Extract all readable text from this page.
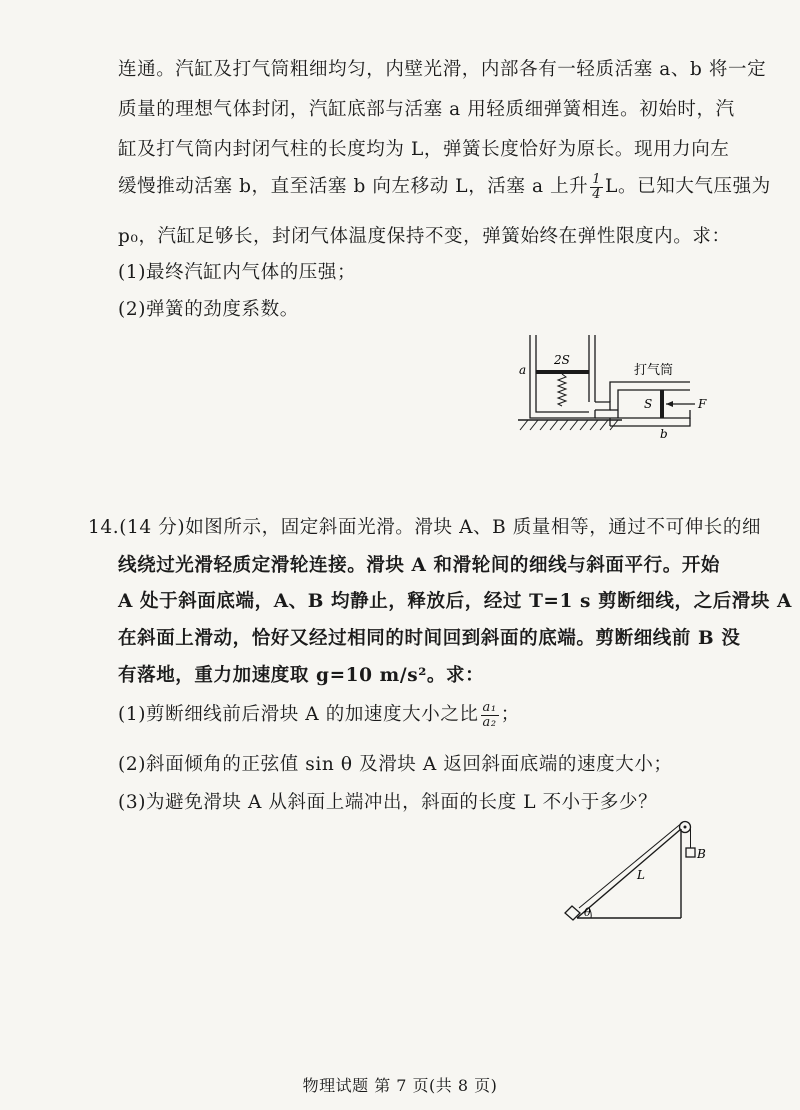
连通。汽缸及打气筒粗细均匀，内壁光滑，内部各有一轻质活塞 a、b 将一定
质量的理想气体封闭，汽缸底部与活塞 a 用轻质细弹簧相连。初始时，汽
缸及打气筒内封闭气柱的长度均为 L，弹簧长度恰好为原长。现用力向左
缓慢推动活塞 b，直至活塞 b 向左移动 L，活塞 a 上升 $\frac{1}{4}$ L。已知大气压强为
p₀，汽缸足够长，封闭气体温度保持不变，弹簧始终在弹性限度内。求：
(1)最终汽缸内气体的压强；
(2)弹簧的劲度系数。
2S
a	打气筒
S	F
b
14.(14 分)如图所示，固定斜面光滑。滑块 A、B 质量相等，通过不可伸长的细
线绕过光滑轻质定滑轮连接。滑块 A 和滑轮间的细线与斜面平行。开始
A 处于斜面底端，A、B 均静止，释放后，经过 T=1 s 剪断细线，之后滑块 A
在斜面上滑动，恰好又经过相同的时间回到斜面的底端。剪断细线前 B 没
有落地，重力加速度取 g=10 m/s²。求：
(1)剪断细线前后滑块 A 的加速度大小之比 $\frac{\text{a₁}}{\text{a₂}}$ ；
(2)斜面倾角的正弦值 sin θ 及滑块 A 返回斜面底端的速度大小；
(3)为避免滑块 A 从斜面上端冲出，斜面的长度 L 不小于多少？
B
L
θ
物理试题 第 7 页(共 8 页)
